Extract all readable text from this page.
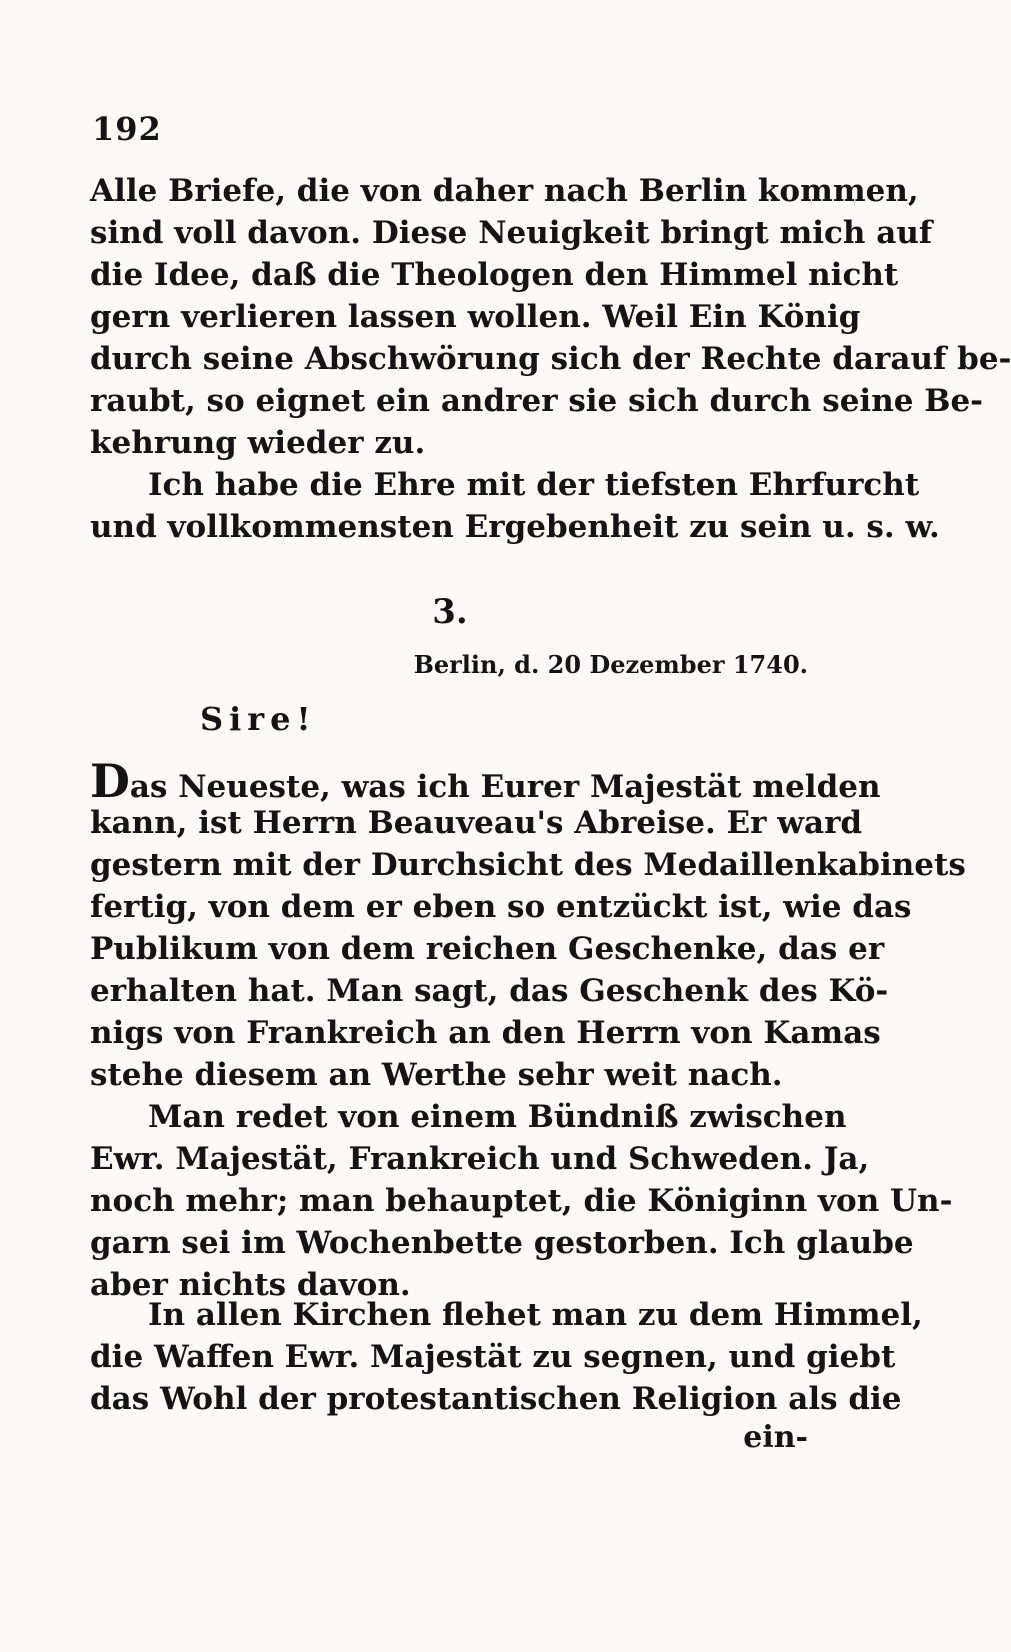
192
Alle Briefe, die von daher nach Berlin kommen,
sind voll davon. Diese Neuigkeit bringt mich auf
die Idee, daß die Theologen den Himmel nicht
gern verlieren lassen wollen. Weil Ein König
durch seine Abschwörung sich der Rechte darauf be-
raubt, so eignet ein andrer sie sich durch seine Be-
kehrung wieder zu.
Ich habe die Ehre mit der tiefsten Ehrfurcht
und vollkommensten Ergebenheit zu sein u. s. w.
3.
Berlin, d. 20 Dezember 1740.
Sire!
Das Neueste, was ich Eurer Majestät melden
kann, ist Herrn Beauveau's Abreise. Er ward
gestern mit der Durchsicht des Medaillenkabinets
fertig, von dem er eben so entzückt ist, wie das
Publikum von dem reichen Geschenke, das er
erhalten hat. Man sagt, das Geschenk des Kö-
nigs von Frankreich an den Herrn von Kamas
stehe diesem an Werthe sehr weit nach.
Man redet von einem Bündniß zwischen
Ewr. Majestät, Frankreich und Schweden. Ja,
noch mehr; man behauptet, die Königinn von Un-
garn sei im Wochenbette gestorben. Ich glaube
aber nichts davon.
In allen Kirchen flehet man zu dem Himmel,
die Waffen Ewr. Majestät zu segnen, und giebt
das Wohl der protestantischen Religion als die
ein-
